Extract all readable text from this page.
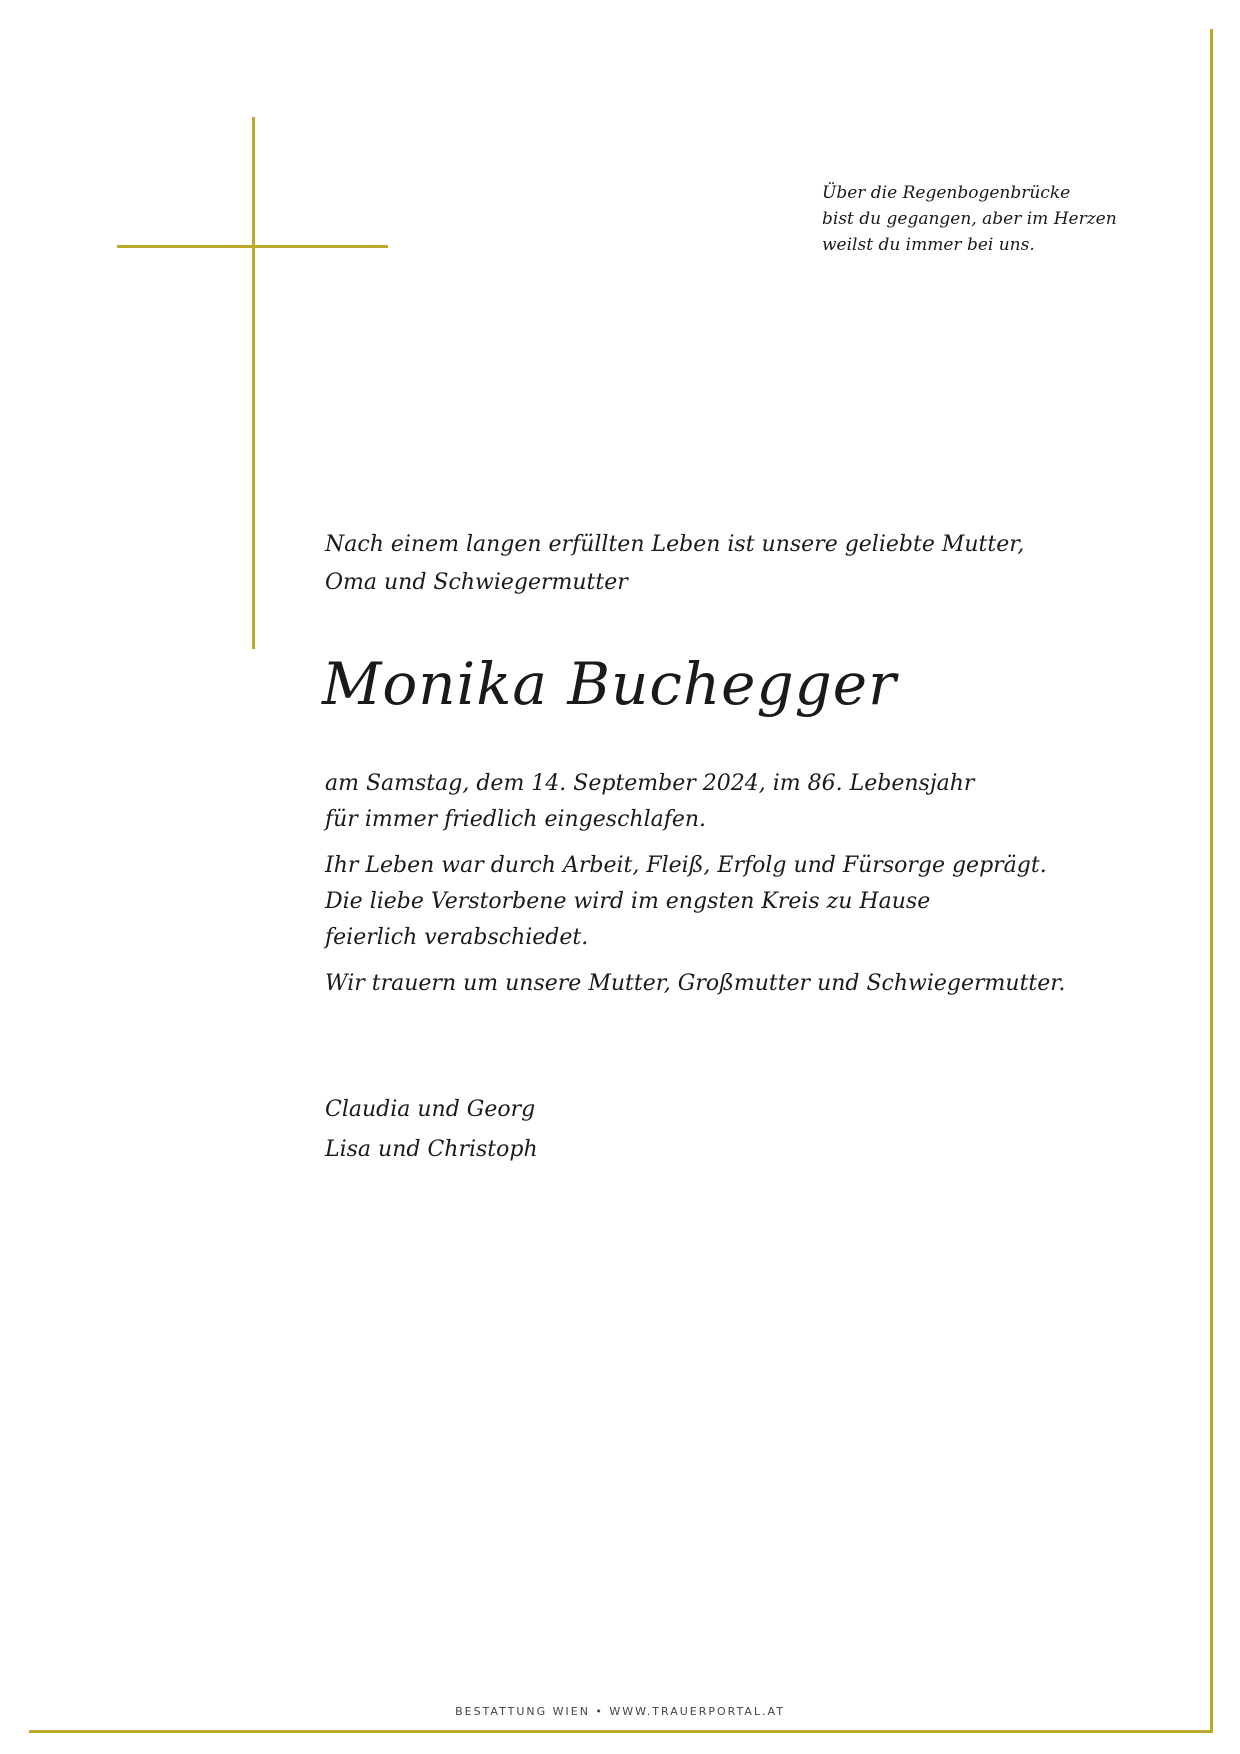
Über die Regenbogenbrücke
bist du gegangen, aber im Herzen
weilst du immer bei uns.
Nach einem langen erfüllten Leben ist unsere geliebte Mutter,
Oma und Schwiegermutter
Monika Buchegger
am Samstag, dem 14. September 2024, im 86. Lebensjahr
für immer friedlich eingeschlafen.
Ihr Leben war durch Arbeit, Fleiß, Erfolg und Fürsorge geprägt.
Die liebe Verstorbene wird im engsten Kreis zu Hause
feierlich verabschiedet.
Wir trauern um unsere Mutter, Großmutter und Schwiegermutter.
Claudia und Georg
Lisa und Christoph
BESTATTUNG WIEN • WWW.TRAUERPORTAL.AT
